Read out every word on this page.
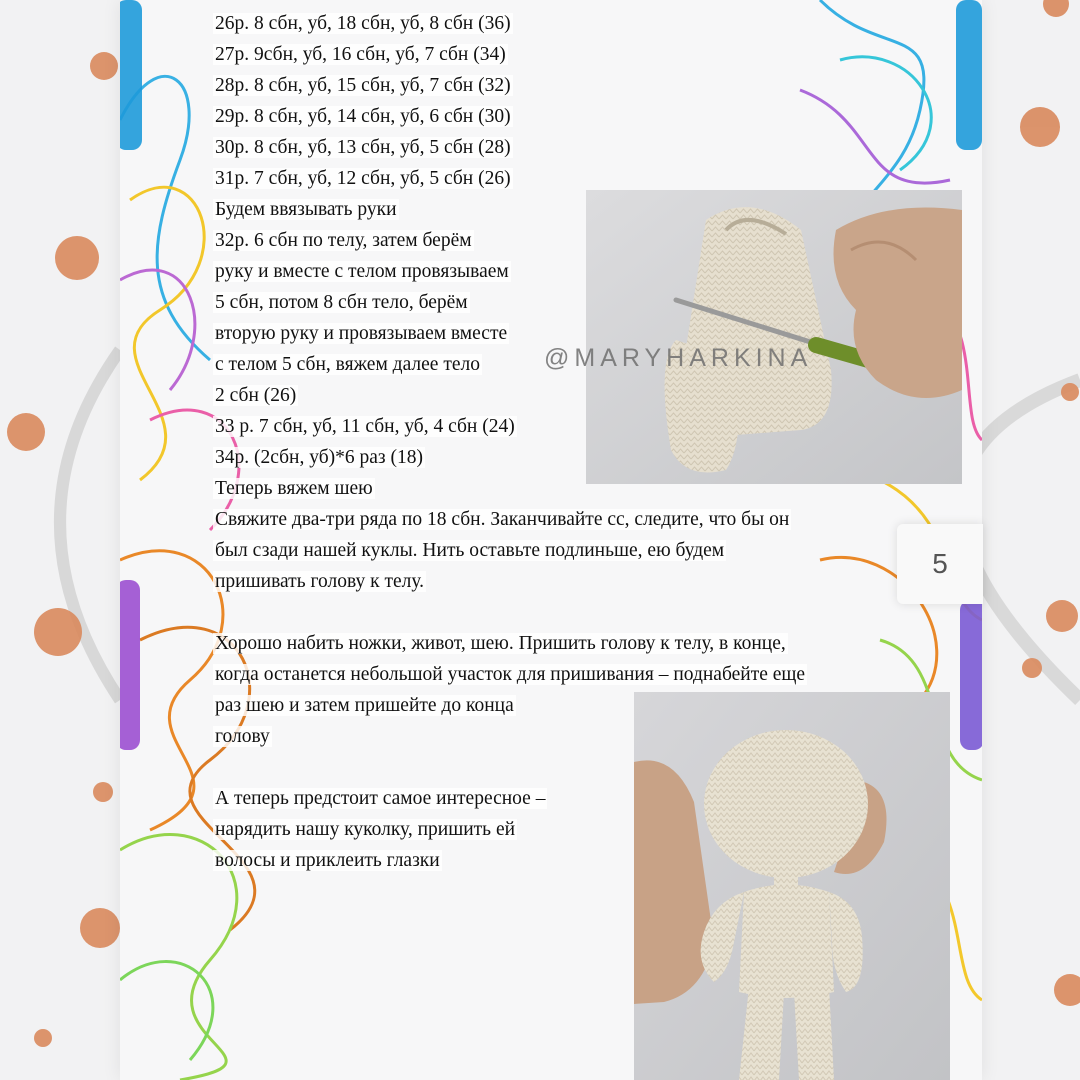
26р. 8 сбн, уб, 18 сбн, уб, 8 сбн (36)
27р. 9сбн, уб, 16 сбн, уб, 7 сбн (34)
28р. 8 сбн, уб, 15 сбн, уб, 7 сбн (32)
29р. 8 сбн, уб, 14 сбн, уб, 6 сбн (30)
30р. 8 сбн, уб, 13 сбн, уб, 5 сбн (28)
31р. 7 сбн, уб, 12 сбн, уб, 5 сбн (26)
Будем ввязывать руки
32р. 6 сбн по телу, затем берём
руку и вместе с телом провязываем
5 сбн, потом 8 сбн тело, берём
вторую руку и провязываем вместе
с телом 5 сбн, вяжем далее тело
2 сбн (26)
33 р. 7 сбн, уб, 11 сбн, уб, 4 сбн (24)
34р. (2сбн, уб)*6 раз (18)
Теперь вяжем шею
Свяжите два-три ряда по 18 сбн. Заканчивайте сс, следите, что бы он
был сзади нашей куклы. Нить оставьте подлиньше, ею будем
пришивать голову к телу.
Хорошо набить ножки, живот, шею. Пришить голову к телу, в конце,
когда останется небольшой участок для пришивания – поднабейте еще
раз шею и затем пришейте до конца
голову
А теперь предстоит самое интересное –
нарядить нашу куколку, пришить ей
волосы и приклеить глазки
@MARYHARKINA
5
